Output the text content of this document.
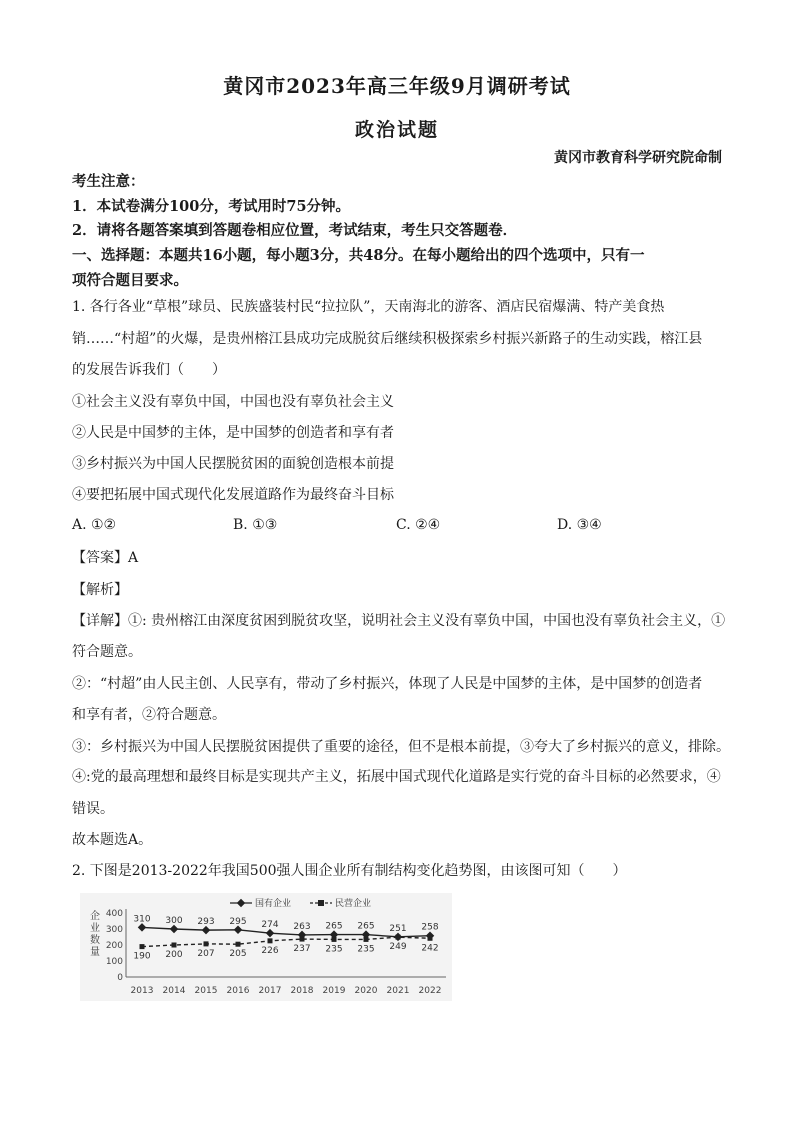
黄冈市2023年高三年级9月调研考试
政治试题
黄冈市教育科学研究院命制
考生注意：
1．本试卷满分100分，考试用时75分钟。
2．请将各题答案填到答题卷相应位置，考试结束，考生只交答题卷．
一、选择题：本题共16小题，每小题3分，共48分。在每小题给出的四个选项中，只有一
项符合题目要求。
1. 各行各业“草根”球员、民族盛装村民“拉拉队”，天南海北的游客、酒店民宿爆满、特产美食热
销……“村超”的火爆，是贵州榕江县成功完成脱贫后继续积极探索乡村振兴新路子的生动实践，榕江县
的发展告诉我们（　　）
①社会主义没有辜负中国，中国也没有辜负社会主义
②人民是中国梦的主体，是中国梦的创造者和享有者
③乡村振兴为中国人民摆脱贫困的面貌创造根本前提
④要把拓展中国式现代化发展道路作为最终奋斗目标
A. ①②	B. ①③	C. ②④	D. ③④
【答案】A
【解析】
【详解】①: 贵州榕江由深度贫困到脱贫攻坚，说明社会主义没有辜负中国，中国也没有辜负社会主义，①
符合题意。
②：“村超”由人民主创、人民享有，带动了乡村振兴，体现了人民是中国梦的主体，是中国梦的创造者
和享有者，②符合题意。
③：乡村振兴为中国人民摆脱贫困提供了重要的途径，但不是根本前提，③夸大了乡村振兴的意义，排除。
④:党的最高理想和最终目标是实现共产主义，拓展中国式现代化道路是实行党的奋斗目标的必然要求，④
错误。
故本题选A。
2. 下图是2013-2022年我国500强人围企业所有制结构变化趋势图，由该图可知（　　）
企
业
数
量
400
300
200
100
0
2013 2014 2015 2016 2017 2018 2019 2020 2021 2022
国有企业	民营企业
310 300 293 295 274 263 265 265 251 258
190 200 207 205 226 237 235 235 249 242
